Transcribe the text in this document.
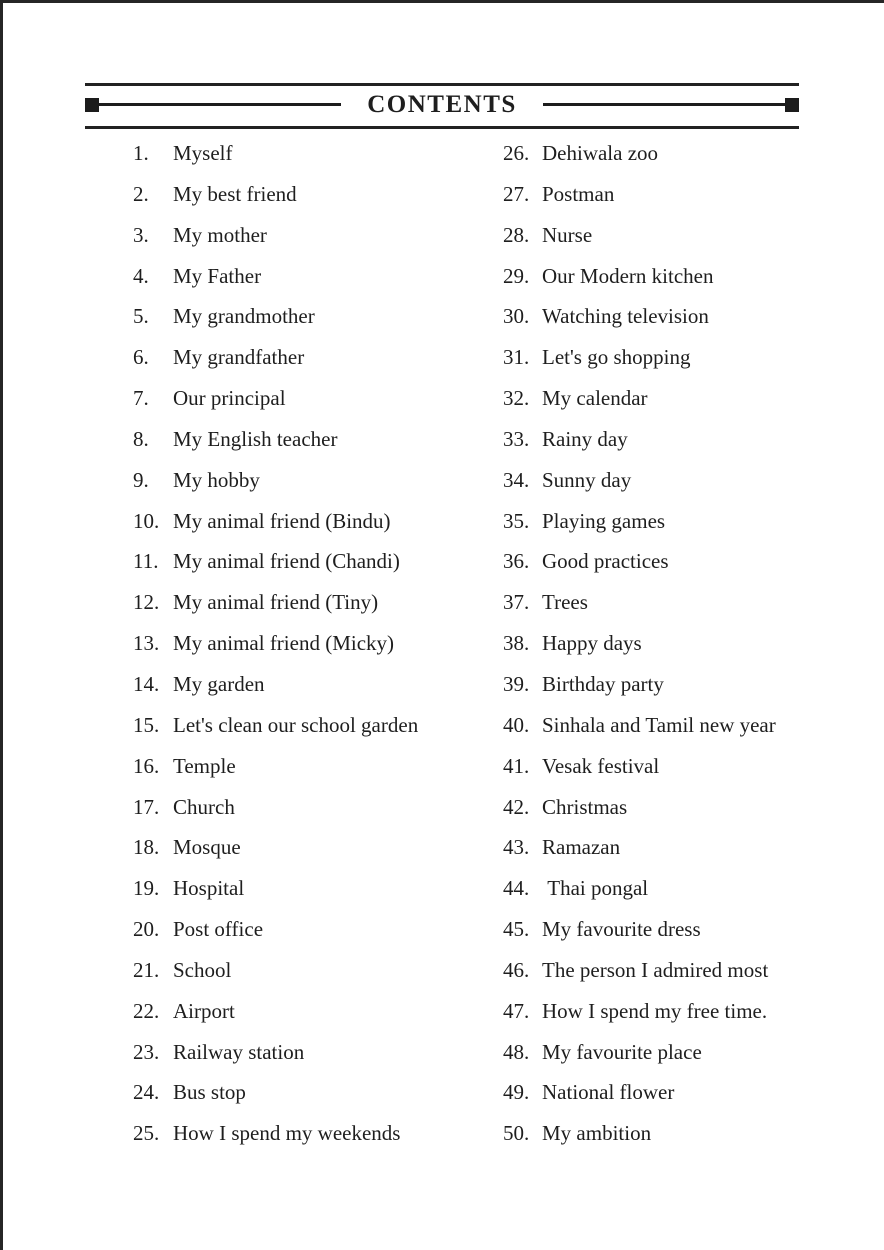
CONTENTS
1.	Myself
2.	My best friend
3.	My mother
4.	My Father
5.	My grandmother
6.	My grandfather
7.	Our principal
8.	My English teacher
9.	My hobby
10. My animal friend (Bindu)
11. My animal friend (Chandi)
12. My animal friend (Tiny)
13. My animal friend (Micky)
14. My garden
15. Let's clean our school garden
16. Temple
17. Church
18. Mosque
19. Hospital
20. Post office
21. School
22. Airport
23. Railway station
24. Bus stop
25. How I spend my weekends
26. Dehiwala zoo
27. Postman
28. Nurse
29. Our Modern kitchen
30. Watching television
31. Let's go shopping
32. My calendar
33. Rainy day
34. Sunny day
35. Playing games
36. Good practices
37. Trees
38. Happy days
39. Birthday party
40. Sinhala and Tamil new year
41. Vesak festival
42. Christmas
43. Ramazan
44. Thai pongal
45. My favourite dress
46. The person I admired most
47. How I spend my free time.
48. My favourite place
49. National flower
50. My ambition
